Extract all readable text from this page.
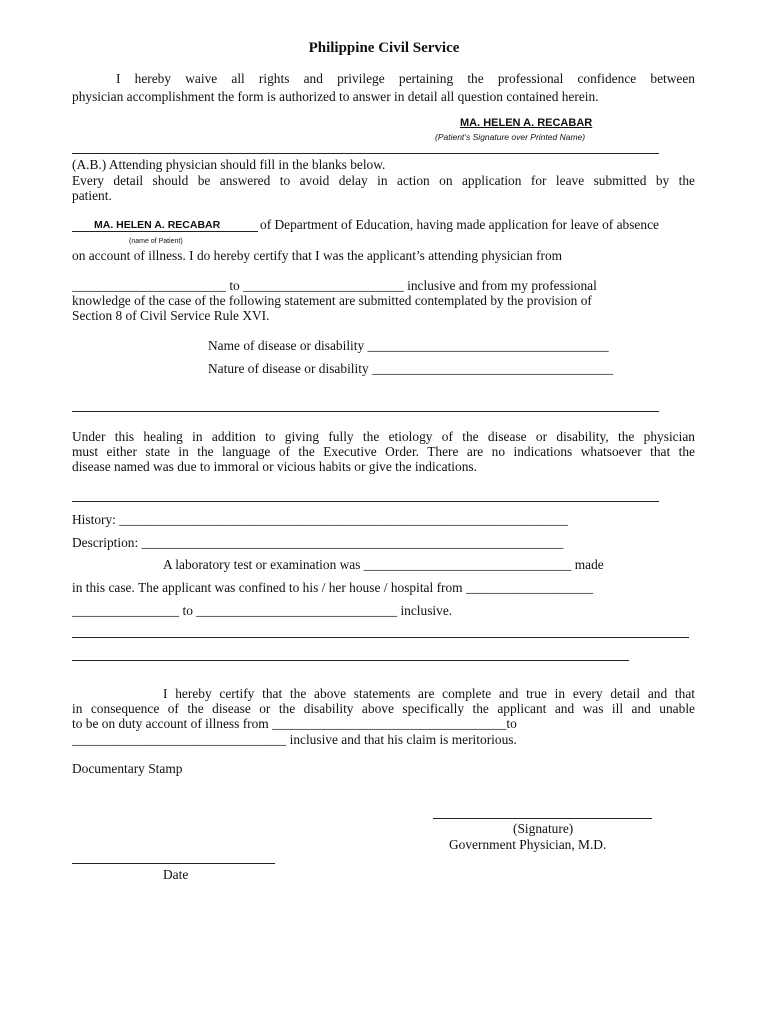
Philippine Civil Service

I hereby waive all rights and privilege pertaining the professional confidence between

physician accomplishment the form is authorized to answer in detail all question contained herein.

MA. HELEN A. RECABAR

(Patient’s Signature over Printed Name)

(A.B.) Attending physician should fill in the blanks below.

Every detail should be answered to avoid delay in action on application for leave submitted by the

patient.

MA. HELEN A. RECABAR

(name of Patient)

of Department of Education, having made application for leave of absence

on account of illness. I do hereby certify that I was the applicant’s attending physician from

_______________________ to ________________________ inclusive and from my professional

knowledge of the case of the following statement are submitted contemplated by the provision of

Section 8 of Civil Service Rule XVI.

Name of disease or disability ____________________________________

Nature of disease or disability ____________________________________

Under this healing in addition to giving fully the etiology of the disease or disability, the physician

must either state in the language of the Executive Order. There are no indications whatsoever that the

disease named was due to immoral or vicious habits or give the indications.

History: ___________________________________________________________________

Description: _______________________________________________________________

A laboratory test or examination was _______________________________ made

in this case. The applicant was confined to his / her house / hospital from ___________________

________________ to ______________________________ inclusive.

I hereby certify that the above statements are complete and true in every detail and that

in consequence of the disease or the disability above specifically the applicant and was ill and unable

to be on duty account of illness from ___________________________________to

________________________________ inclusive and that his claim is meritorious.

Documentary Stamp

(Signature)

Government Physician, M.D.

Date
